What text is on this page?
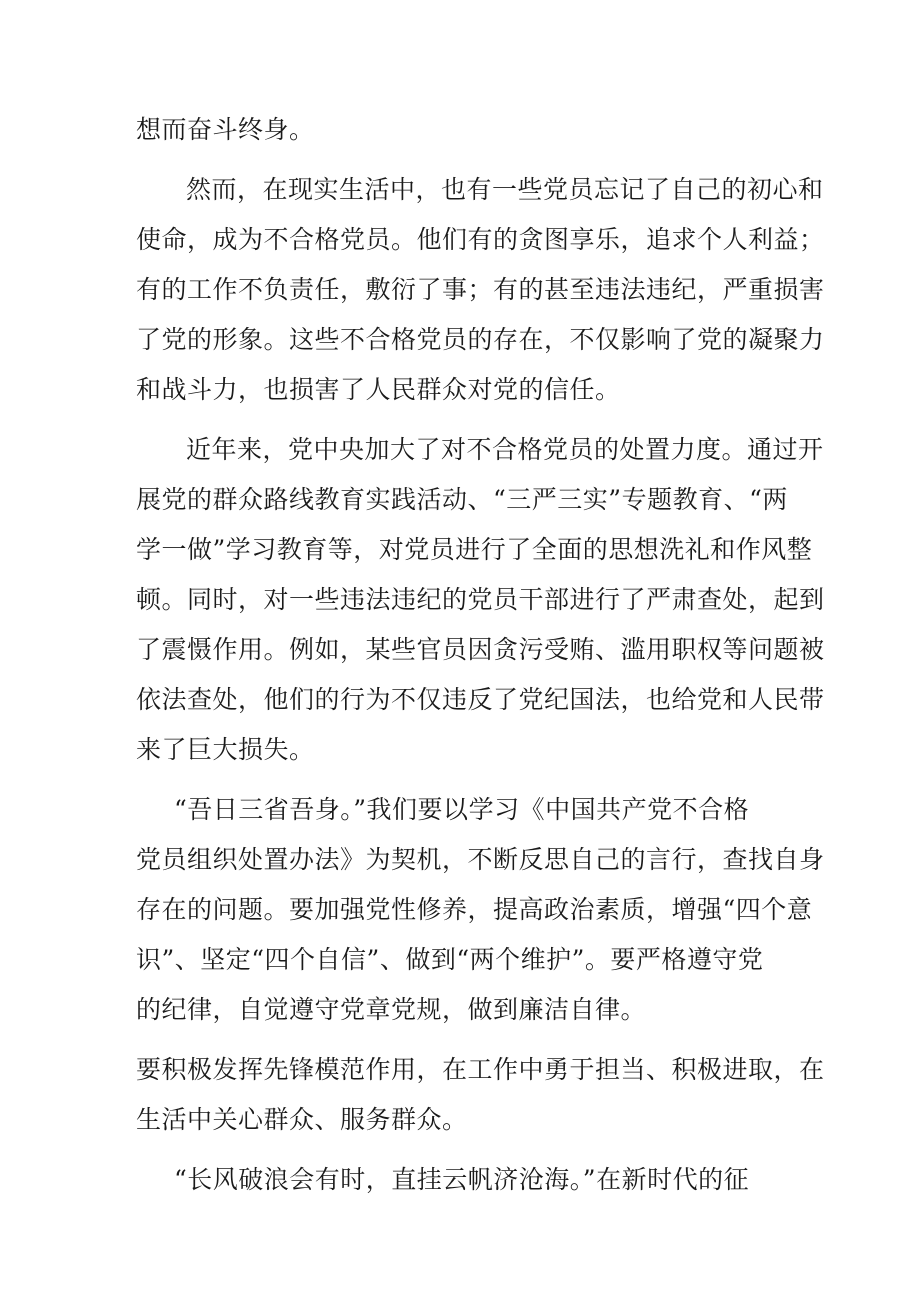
想而奋斗终身。
然而，在现实生活中，也有一些党员忘记了自己的初心和
使命，成为不合格党员。他们有的贪图享乐，追求个人利益；
有的工作不负责任，敷衍了事；有的甚至违法违纪，严重损害
了党的形象。这些不合格党员的存在，不仅影响了党的凝聚力
和战斗力，也损害了人民群众对党的信任。
近年来，党中央加大了对不合格党员的处置力度。通过开
展党的群众路线教育实践活动、“三严三实”专题教育、“两
学一做”学习教育等，对党员进行了全面的思想洗礼和作风整
顿。同时，对一些违法违纪的党员干部进行了严肃查处，起到
了震慑作用。例如，某些官员因贪污受贿、滥用职权等问题被
依法查处，他们的行为不仅违反了党纪国法，也给党和人民带
来了巨大损失。
“吾日三省吾身。”我们要以学习《中国共产党不合格
党员组织处置办法》为契机，不断反思自己的言行，查找自身
存在的问题。要加强党性修养，提高政治素质，增强“四个意
识”、坚定“四个自信”、做到“两个维护”。要严格遵守党
的纪律，自觉遵守党章党规，做到廉洁自律。
要积极发挥先锋模范作用，在工作中勇于担当、积极进取，在
生活中关心群众、服务群众。
“长风破浪会有时，直挂云帆济沧海。”在新时代的征
